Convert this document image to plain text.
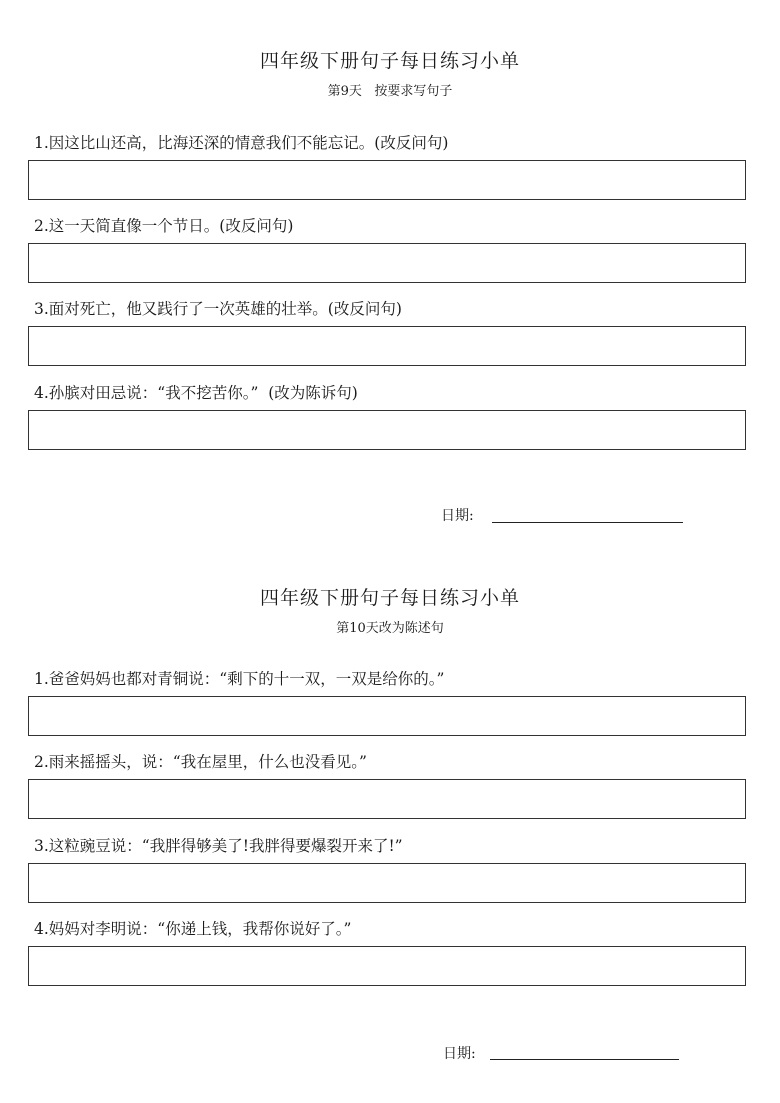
四年级下册句子每日练习小单
第9天   按要求写句子
1.因这比山还高，比海还深的情意我们不能忘记。(改反问句)
2.这一天简直像一个节日。(改反问句)
3.面对死亡，他又践行了一次英雄的壮举。(改反问句)
4.孙膑对田忌说：“我不挖苦你。”  (改为陈诉句)
日期:
四年级下册句子每日练习小单
第10天改为陈述句
1.爸爸妈妈也都对青铜说：“剩下的十一双，一双是给你的。”
2.雨来摇摇头，说：“我在屋里，什么也没看见。”
3.这粒豌豆说：“我胖得够美了!我胖得要爆裂开来了!”
4.妈妈对李明说：“你递上钱，我帮你说好了。”
日期:
